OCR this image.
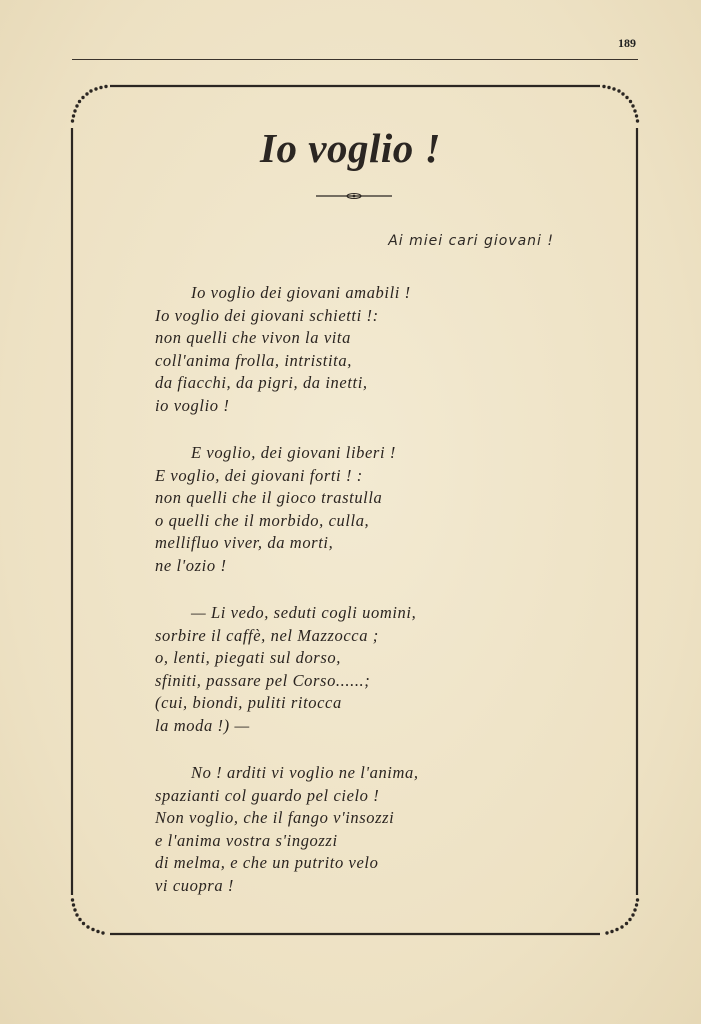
189
Io voglio !
Ai miei cari giovani !
Io voglio dei giovani amabili !
Io voglio dei giovani schietti !:
non quelli che vivon la vita
coll'anima frolla, intristita,
da fiacchi, da pigri, da inetti,
io voglio !
E voglio, dei giovani liberi !
E voglio, dei giovani forti ! :
non quelli che il gioco trastulla
o quelli che il morbido, culla,
mellifluo viver, da morti,
ne l'ozio !
— Li vedo, seduti cogli uomini,
sorbire il caffè, nel Mazzocca ;
o, lenti, piegati sul dorso,
sfiniti, passare pel Corso......;
(cui, biondi, puliti ritocca
la moda !) —
No ! arditi vi voglio ne l'anima,
spazianti col guardo pel cielo !
Non voglio, che il fango v'insozzi
e l'anima vostra s'ingozzi
di melma, e che un putrito velo
vi cuopra !
